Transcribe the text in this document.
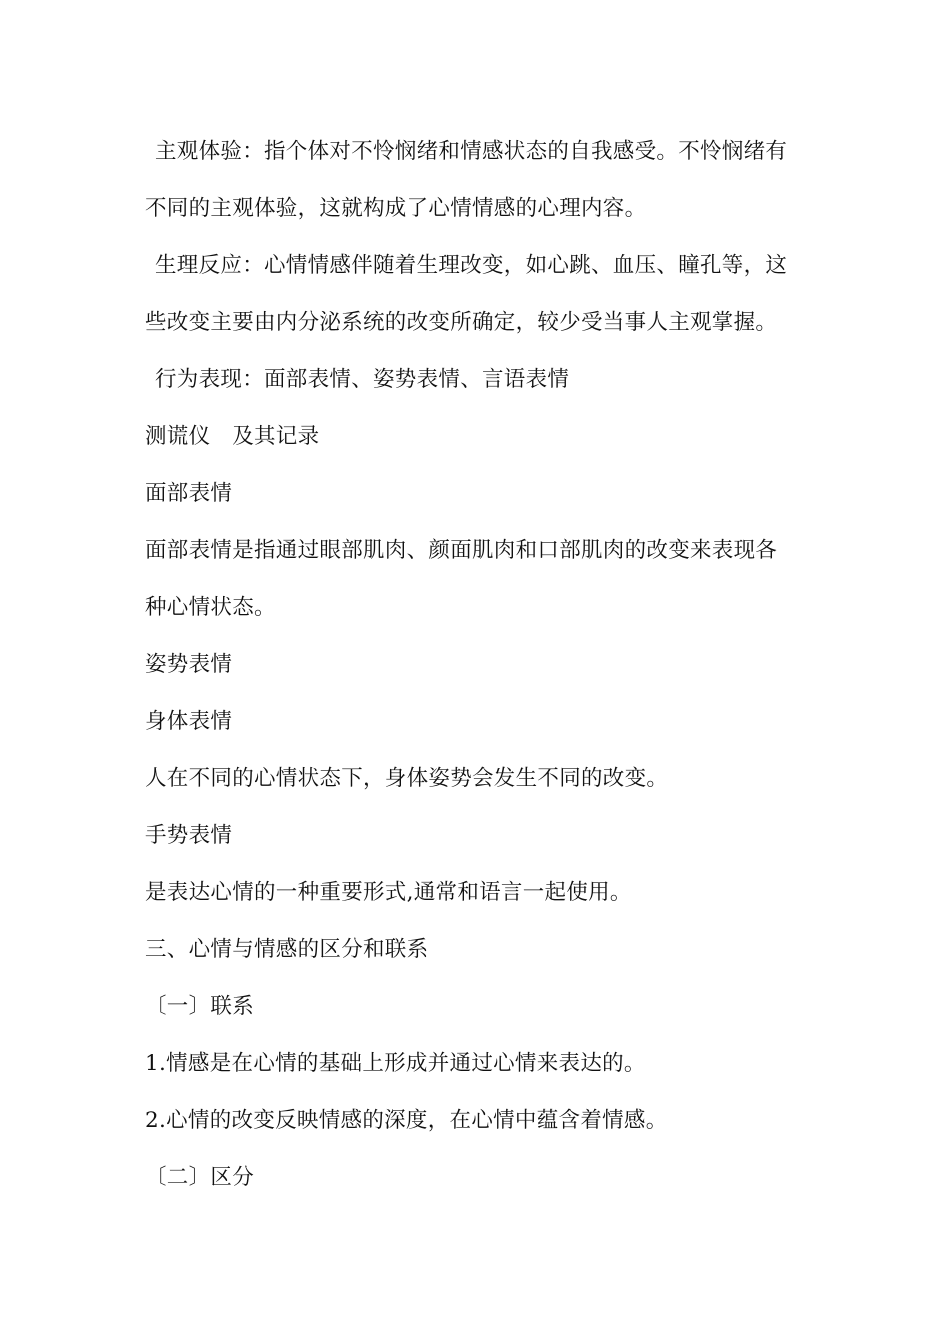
主观体验：指个体对不怜悯绪和情感状态的自我感受。不怜悯绪有
不同的主观体验，这就构成了心情情感的心理内容。
生理反应：心情情感伴随着生理改变，如心跳、血压、瞳孔等，这
些改变主要由内分泌系统的改变所确定，较少受当事人主观掌握。
行为表现：面部表情、姿势表情、言语表情
测谎仪　及其记录
面部表情
面部表情是指通过眼部肌肉、颜面肌肉和口部肌肉的改变来表现各
种心情状态。
姿势表情
身体表情
人在不同的心情状态下，身体姿势会发生不同的改变。
手势表情
是表达心情的一种重要形式,通常和语言一起使用。
三、心情与情感的区分和联系
〔一〕联系
1.情感是在心情的基础上形成并通过心情来表达的。
2.心情的改变反映情感的深度，在心情中蕴含着情感。
〔二〕区分
